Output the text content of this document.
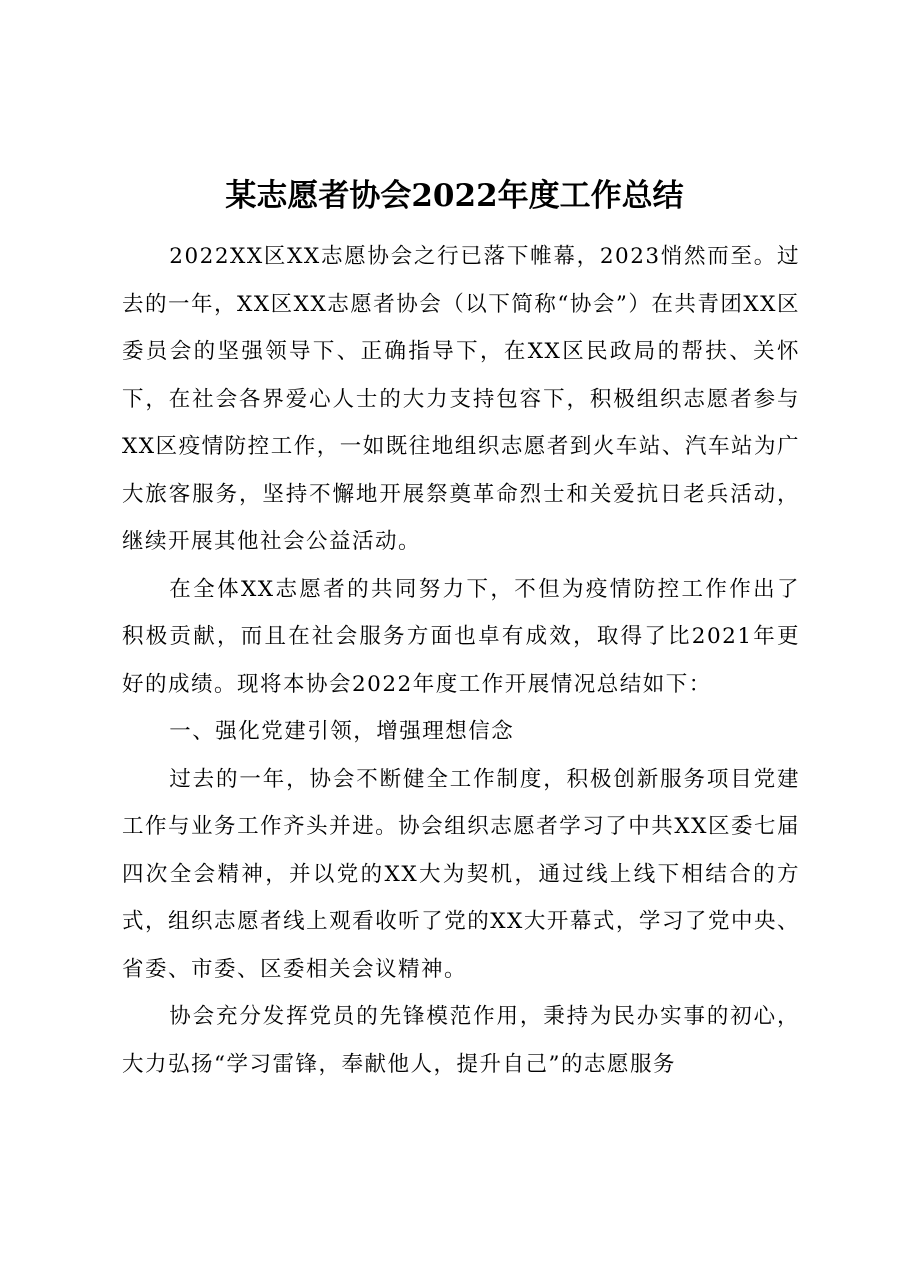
某志愿者协会2022年度工作总结

2022XX区XX志愿协会之行已落下帷幕，2023悄然而至。过去的一年，XX区XX志愿者协会（以下简称“协会”）在共青团XX区委员会的坚强领导下、正确指导下，在XX区民政局的帮扶、关怀下，在社会各界爱心人士的大力支持包容下，积极组织志愿者参与XX区疫情防控工作，一如既往地组织志愿者到火车站、汽车站为广大旅客服务，坚持不懈地开展祭奠革命烈士和关爱抗日老兵活动，继续开展其他社会公益活动。

在全体XX志愿者的共同努力下，不但为疫情防控工作作出了积极贡献，而且在社会服务方面也卓有成效，取得了比2021年更好的成绩。现将本协会2022年度工作开展情况总结如下：

一、强化党建引领，增强理想信念

过去的一年，协会不断健全工作制度，积极创新服务项目党建工作与业务工作齐头并进。协会组织志愿者学习了中共XX区委七届四次全会精神，并以党的XX大为契机，通过线上线下相结合的方式，组织志愿者线上观看收听了党的XX大开幕式，学习了党中央、省委、市委、区委相关会议精神。

协会充分发挥党员的先锋模范作用，秉持为民办实事的初心，大力弘扬“学习雷锋，奉献他人，提升自己”的志愿服务
